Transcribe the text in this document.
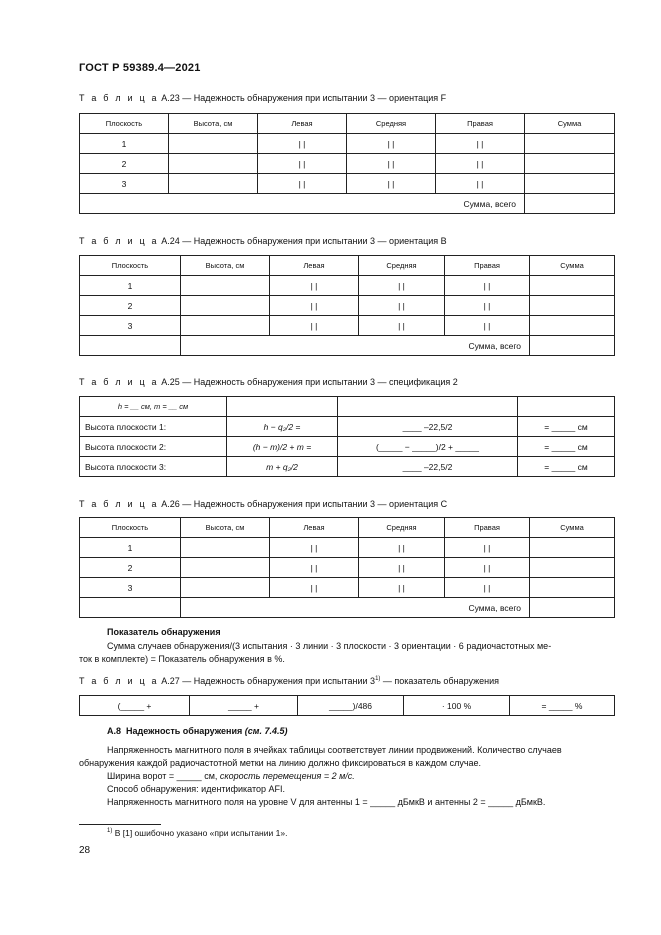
ГОСТ Р 59389.4—2021
Т а б л и ц а А.23 — Надежность обнаружения при испытании 3 — ориентация F
Плоскость	Высота, см	Левая	Средняя	Правая	Сумма
1		| |	| |	| |	
2		| |	| |	| |	
3		| |	| |	| |	
Сумма, всего					
Т а б л и ц а А.24 — Надежность обнаружения при испытании 3 — ориентация В
Плоскость	Высота, см	Левая	Средняя	Правая	Сумма
1		| |	| |	| |	
2		| |	| |	| |	
3		| |	| |	| |	
	Сумма, всего				
Т а б л и ц а А.25 — Надежность обнаружения при испытании 3 — спецификация 2
h = __ см, m = __ см			
Высота плоскости 1:	h − q₂/2 =	____ –22,5/2	= _____ см
Высота плоскости 2:	(h − m)/2 + m =	(_____ − _____)/2 + _____	= _____ см
Высота плоскости 3:	m + q₂/2	____ –22,5/2	= _____ см
Т а б л и ц а А.26 — Надежность обнаружения при испытании 3 — ориентация С
Плоскость	Высота, см	Левая	Средняя	Правая	Сумма
1		| |	| |	| |	
2		| |	| |	| |	
3		| |	| |	| |	
	Сумма, всего				
Показатель обнаружения
Сумма случаев обнаружения/(3 испытания · 3 линии · 3 плоскости · 3 ориентации · 6 радиочастотных ме-
ток в комплекте) = Показатель обнаружения в %.
Т а б л и ц а А.27 — Надежность обнаружения при испытании 3$^{1)}$ — показатель обнаружения
(_____ +	_____ +	_____)/486	· 100 %	= _____ %
А.8 Надежность обнаружения (см. 7.4.5)
Напряженность магнитного поля в ячейках таблицы соответствует линии продвижений. Количество случаев
обнаружения каждой радиочастотной метки на линию должно фиксироваться в каждом случае.
Ширина ворот = _____ см, скорость перемещения = 2 м/с.
Способ обнаружения: идентификатор AFI.
Напряженность магнитного поля на уровне V для антенны 1 = _____ дБмкВ и антенны 2 = _____ дБмкВ.
$^{1)}$ В [1] ошибочно указано «при испытании 1».
28
